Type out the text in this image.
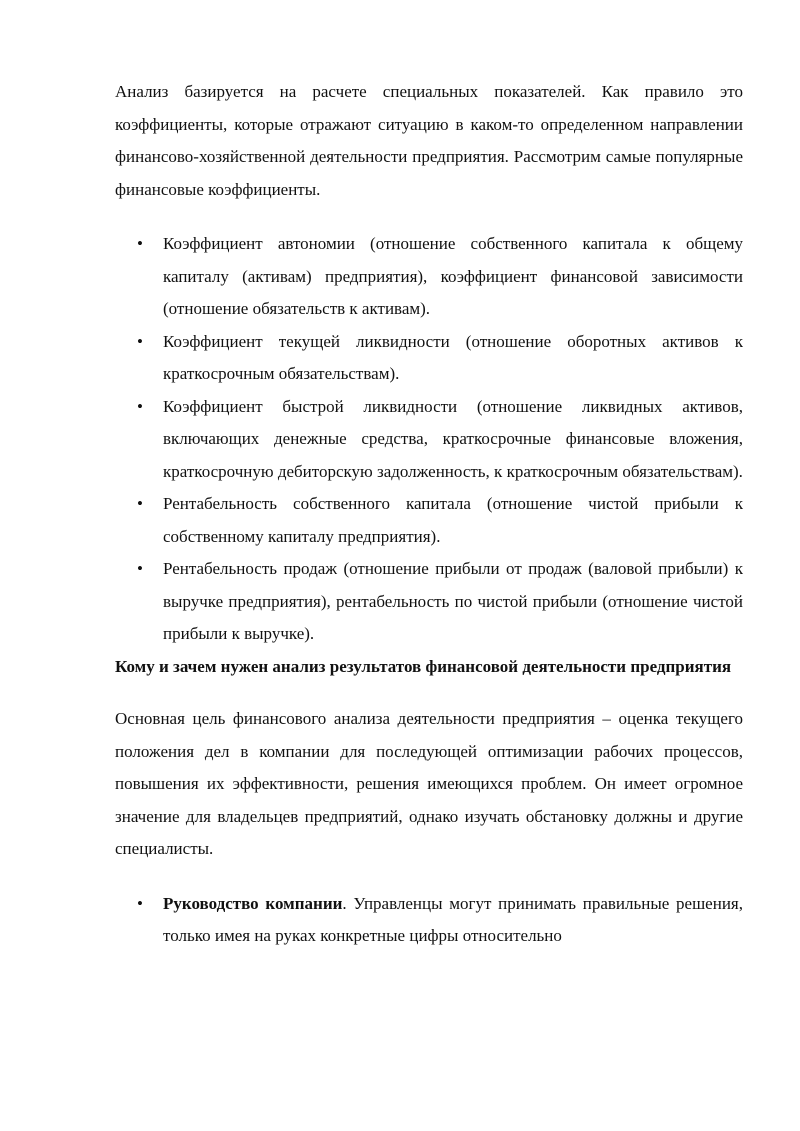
Анализ базируется на расчете специальных показателей. Как правило это коэффициенты, которые отражают ситуацию в каком-то определенном направлении финансово-хозяйственной деятельности предприятия. Рассмотрим самые популярные финансовые коэффициенты.

• Коэффициент автономии (отношение собственного капитала к общему капиталу (активам) предприятия), коэффициент финансовой зависимости (отношение обязательств к активам).
• Коэффициент текущей ликвидности (отношение оборотных активов к краткосрочным обязательствам).
• Коэффициент быстрой ликвидности (отношение ликвидных активов, включающих денежные средства, краткосрочные финансовые вложения, краткосрочную дебиторскую задолженность, к краткосрочным обязательствам).
• Рентабельность собственного капитала (отношение чистой прибыли к собственному капиталу предприятия).
• Рентабельность продаж (отношение прибыли от продаж (валовой прибыли) к выручке предприятия), рентабельность по чистой прибыли (отношение чистой прибыли к выручке).
Кому и зачем нужен анализ результатов финансовой деятельности предприятия

Основная цель финансового анализа деятельности предприятия – оценка текущего положения дел в компании для последующей оптимизации рабочих процессов, повышения их эффективности, решения имеющихся проблем. Он имеет огромное значение для владельцев предприятий, однако изучать обстановку должны и другие специалисты.

• Руководство компании. Управленцы могут принимать правильные решения, только имея на руках конкретные цифры относительно
